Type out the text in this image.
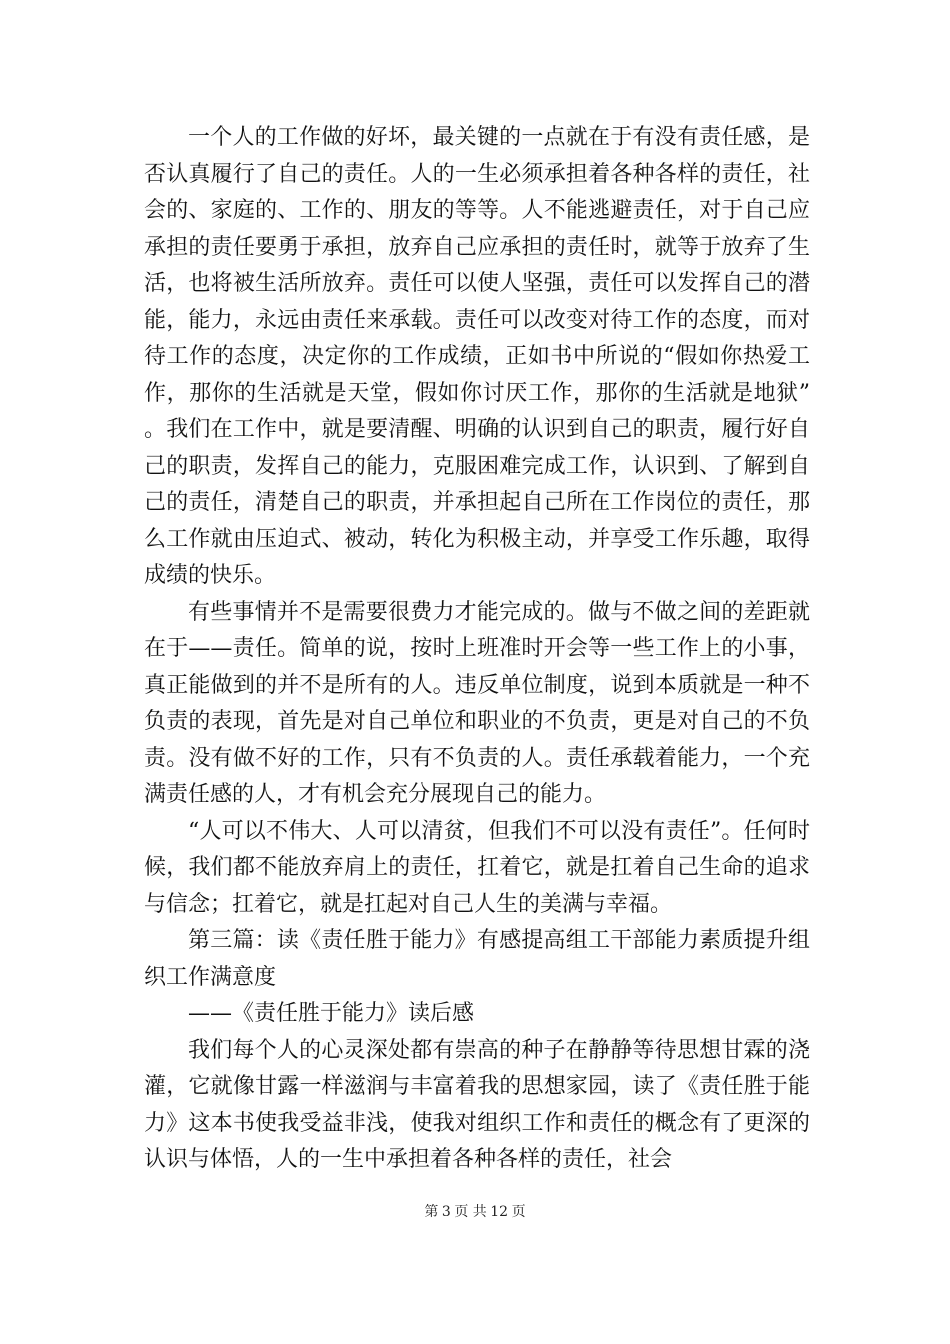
一个人的工作做的好坏，最关键的一点就在于有没有责任感，是否认真履行了自己的责任。人的一生必须承担着各种各样的责任，社会的、家庭的、工作的、朋友的等等。人不能逃避责任，对于自己应承担的责任要勇于承担，放弃自己应承担的责任时，就等于放弃了生活，也将被生活所放弃。责任可以使人坚强，责任可以发挥自己的潜能，能力，永远由责任来承载。责任可以改变对待工作的态度，而对待工作的态度，决定你的工作成绩，正如书中所说的“假如你热爱工作，那你的生活就是天堂，假如你讨厌工作，那你的生活就是地狱”。我们在工作中，就是要清醒、明确的认识到自己的职责，履行好自己的职责，发挥自己的能力，克服困难完成工作，认识到、了解到自己的责任，清楚自己的职责，并承担起自己所在工作岗位的责任，那么工作就由压迫式、被动，转化为积极主动，并享受工作乐趣，取得成绩的快乐。

有些事情并不是需要很费力才能完成的。做与不做之间的差距就在于——责任。简单的说，按时上班准时开会等一些工作上的小事，真正能做到的并不是所有的人。违反单位制度，说到本质就是一种不负责的表现，首先是对自己单位和职业的不负责，更是对自己的不负责。没有做不好的工作，只有不负责的人。责任承载着能力，一个充满责任感的人，才有机会充分展现自己的能力。

“人可以不伟大、人可以清贫，但我们不可以没有责任”。任何时候，我们都不能放弃肩上的责任，扛着它，就是扛着自己生命的追求与信念；扛着它，就是扛起对自己人生的美满与幸福。

第三篇：读《责任胜于能力》有感提高组工干部能力素质提升组织工作满意度

——《责任胜于能力》读后感

我们每个人的心灵深处都有崇高的种子在静静等待思想甘霖的浇灌，它就像甘露一样滋润与丰富着我的思想家园，读了《责任胜于能力》这本书使我受益非浅，使我对组织工作和责任的概念有了更深的认识与体悟，人的一生中承担着各种各样的责任，社会

第 3 页 共 12 页
